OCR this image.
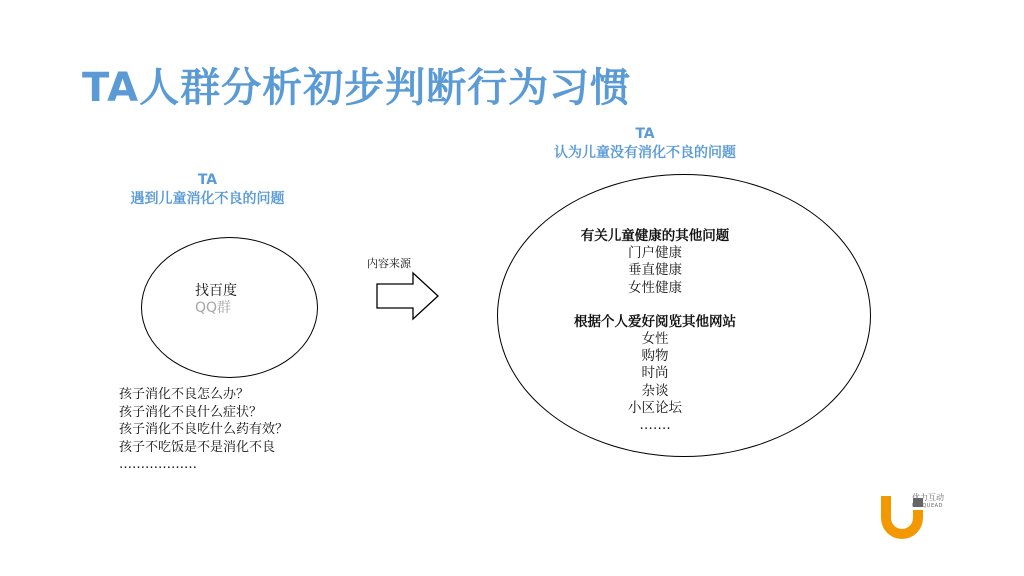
TA人群分析初步判断行为习惯
TA
遇到儿童消化不良的问题
找百度
QQ群
孩子消化不良怎么办？
孩子消化不良什么症状？
孩子消化不良吃什么药有效？
孩子不吃饭是不是消化不良
………………
内容来源
TA
认为儿童没有消化不良的问题
有关儿童健康的其他问题
门户健康
垂直健康
女性健康
根据个人爱好阅览其他网站
女性
购物
时尚
杂谈
小区论坛
…….
优力互动
UNIQUEAD
